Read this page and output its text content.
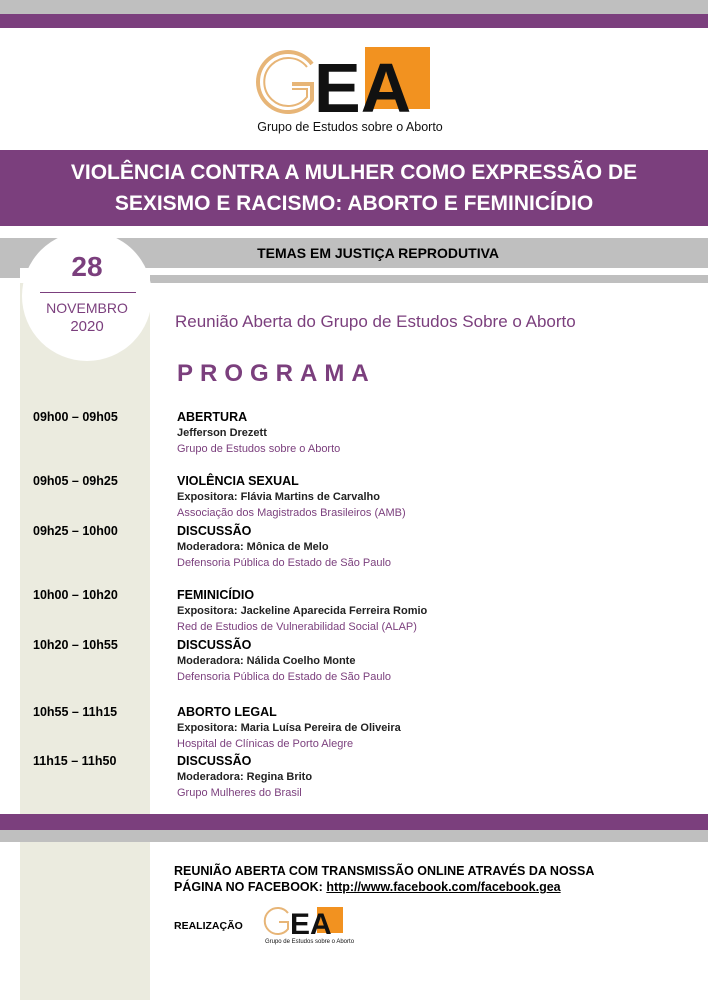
EA
Grupo de Estudos sobre o Aborto
VIOLÊNCIA CONTRA A MULHER COMO EXPRESSÃO DE
SEXISMO E RACISMO: ABORTO E FEMINICÍDIO
TEMAS EM JUSTIÇA REPRODUTIVA
28
NOVEMBRO
2020	Reunião Aberta do Grupo de Estudos Sobre o Aborto
PROGRAMA
09h00 – 09h05	ABERTURA
Jefferson Drezett
Grupo de Estudos sobre o Aborto
09h05 – 09h25	VIOLÊNCIA SEXUAL
Expositora: Flávia Martins de Carvalho
Associação dos Magistrados Brasileiros (AMB)
09h25 – 10h00	DISCUSSÃO
Moderadora: Mônica de Melo
Defensoria Pública do Estado de São Paulo
10h00 – 10h20	FEMINICÍDIO
Expositora: Jackeline Aparecida Ferreira Romio
Red de Estudios de Vulnerabilidad Social (ALAP)
10h20 – 10h55	DISCUSSÃO
Moderadora: Nálida Coelho Monte
Defensoria Pública do Estado de São Paulo
10h55 – 11h15	ABORTO LEGAL
Expositora: Maria Luísa Pereira de Oliveira
Hospital de Clínicas de Porto Alegre
11h15 – 11h50	DISCUSSÃO
Moderadora: Regina Brito
Grupo Mulheres do Brasil
REUNIÃO ABERTA COM TRANSMISSÃO ONLINE ATRAVÉS DA NOSSA
PÁGINA NO FACEBOOK: http://www.facebook.com/facebook.gea
REALIZAÇÃO EA
Grupo de Estudos sobre o Aborto
